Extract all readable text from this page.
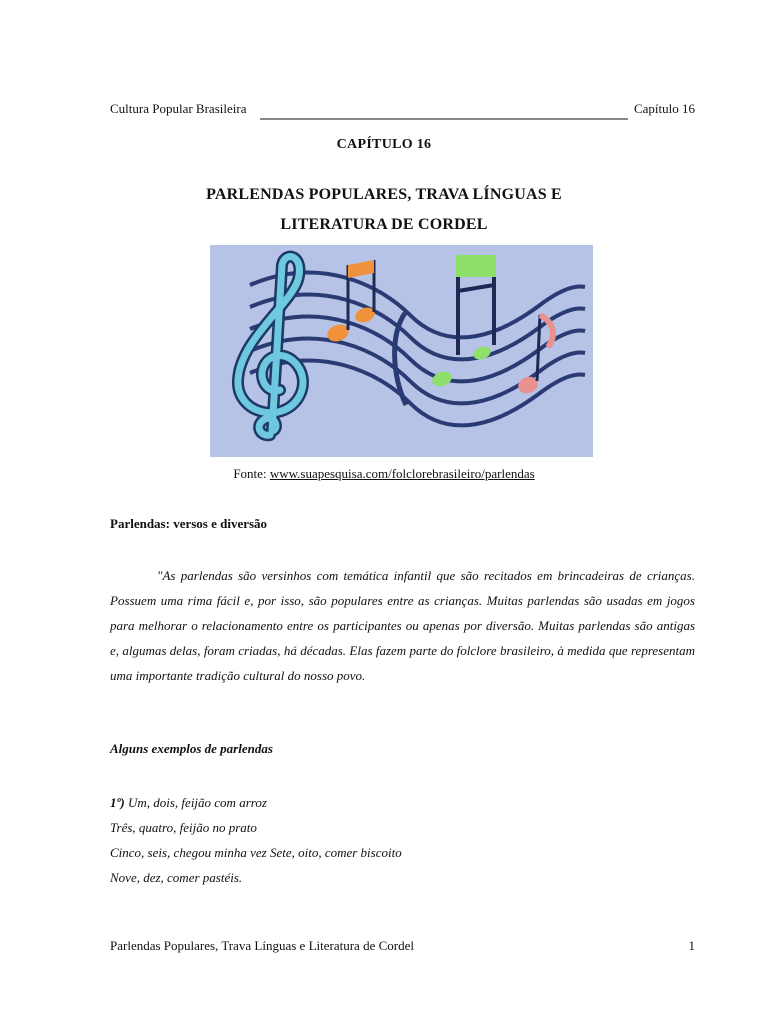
Cultura Popular Brasileira	Capítulo 16
CAPÍTULO 16
PARLENDAS POPULARES, TRAVA LÍNGUAS E
LITERATURA DE CORDEL
Fonte: www.suapesquisa.com/folclorebrasileiro/parlendas
Parlendas: versos e diversão

"As parlendas são versinhos com temática infantil que são recitados em brincadeiras de crianças. Possuem uma rima fácil e, por isso, são populares entre as crianças. Muitas parlendas são usadas em jogos para melhorar o relacionamento entre os participantes ou apenas por diversão. Muitas parlendas são antigas e, algumas delas, foram criadas, há décadas. Elas fazem parte do folclore brasileiro, à medida que representam uma importante tradição cultural do nosso povo.

Alguns exemplos de parlendas
1º) Um, dois, feijão com arroz
Três, quatro, feijão no prato
Cinco, seis, chegou minha vez Sete, oito, comer biscoito
Nove, dez, comer pastéis.
Parlendas Populares, Trava Línguas e Literatura de Cordel	1
